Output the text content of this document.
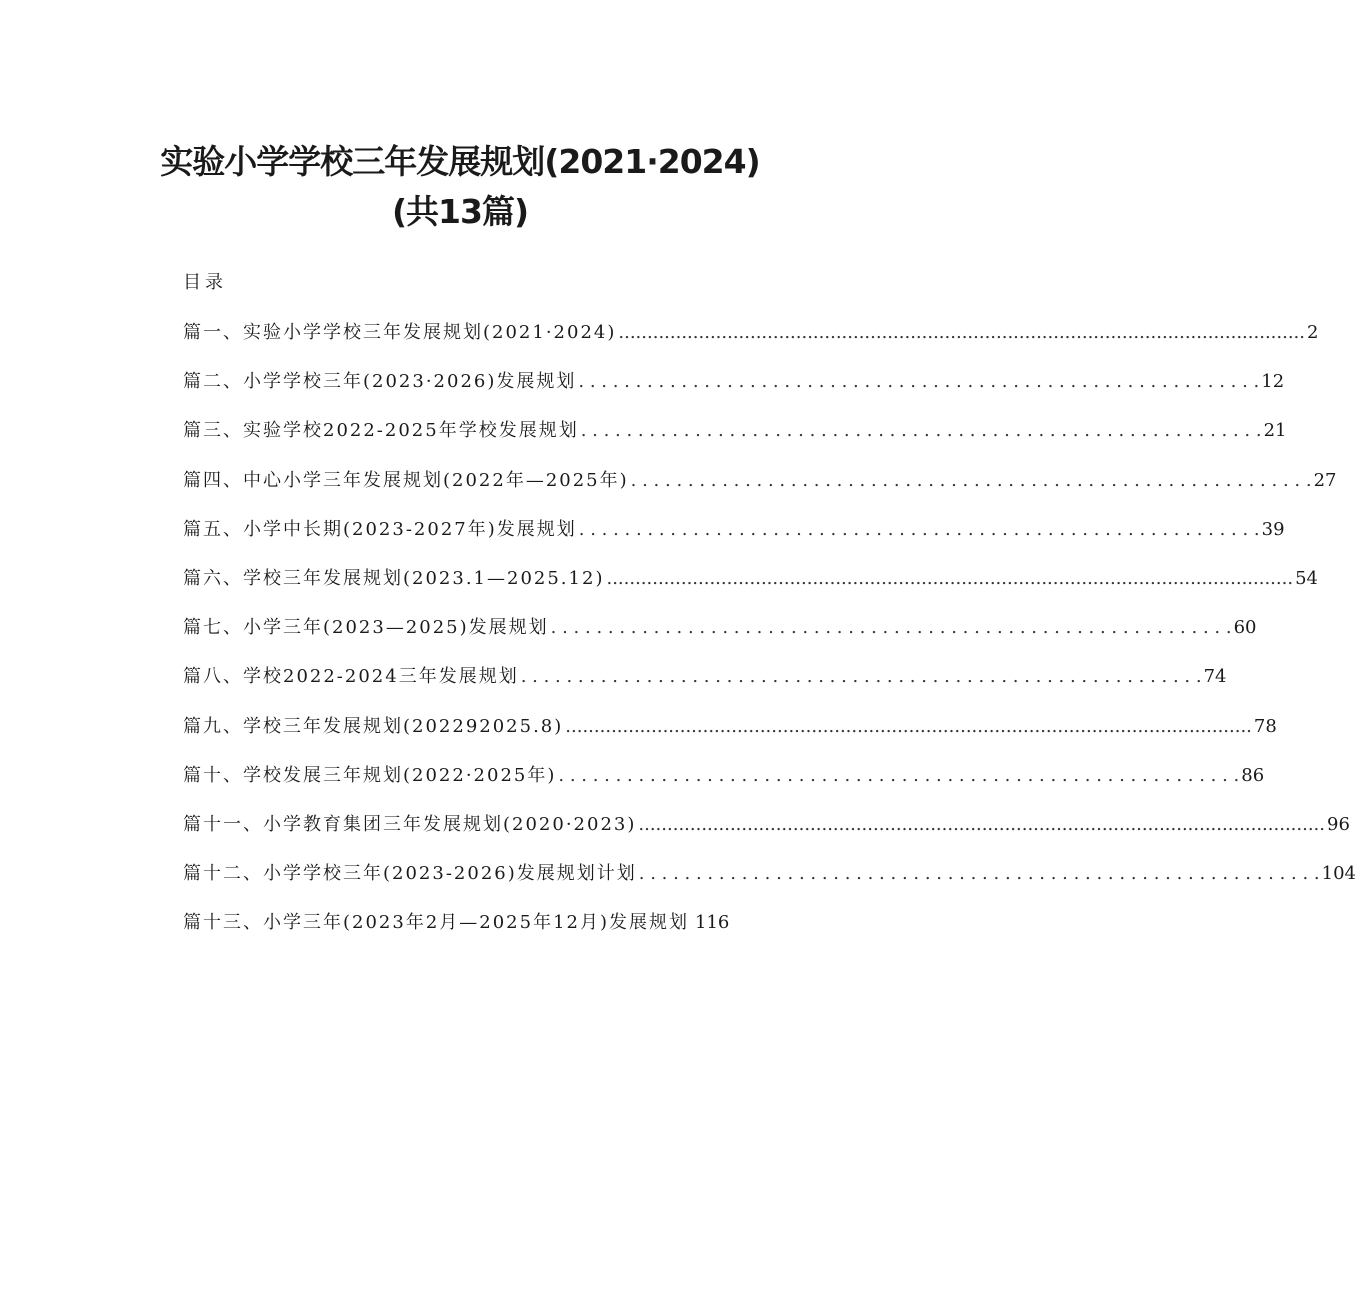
实验小学学校三年发展规划(2021·2024)
(共13篇)
目录
篇一、实验小学学校三年发展规划(2021·2024) ........................................................................................................................ 2
篇二、小学学校三年(2023·2026)发展规划 . . . . . . . . . . . . . . . . . . . . . . . . . . . . . . . . . . . . . . . . . . . . . . . . . . . . . . . . . . . . 12
篇三、实验学校2022-2025年学校发展规划 . . . . . . . . . . . . . . . . . . . . . . . . . . . . . . . . . . . . . . . . . . . . . . . . . . . . . . . . . . . . 21
篇四、中心小学三年发展规划(2022年—2025年) . . . . . . . . . . . . . . . . . . . . . . . . . . . . . . . . . . . . . . . . . . . . . . . . . . . . . . . . . . . . 27
篇五、小学中长期(2023-2027年)发展规划 . . . . . . . . . . . . . . . . . . . . . . . . . . . . . . . . . . . . . . . . . . . . . . . . . . . . . . . . . . . . 39
篇六、学校三年发展规划(2023.1—2025.12) ........................................................................................................................ 54
篇七、小学三年(2023—2025)发展规划 . . . . . . . . . . . . . . . . . . . . . . . . . . . . . . . . . . . . . . . . . . . . . . . . . . . . . . . . . . . . 60
篇八、学校2022-2024三年发展规划 . . . . . . . . . . . . . . . . . . . . . . . . . . . . . . . . . . . . . . . . . . . . . . . . . . . . . . . . . . . . 74
篇九、学校三年发展规划(202292025.8) ........................................................................................................................ 78
篇十、学校发展三年规划(2022·2025年) . . . . . . . . . . . . . . . . . . . . . . . . . . . . . . . . . . . . . . . . . . . . . . . . . . . . . . . . . . . . 86
篇十一、小学教育集团三年发展规划(2020·2023) ........................................................................................................................ 96
篇十二、小学学校三年(2023-2026)发展规划计划 . . . . . . . . . . . . . . . . . . . . . . . . . . . . . . . . . . . . . . . . . . . . . . . . . . . . . . . . . . . . 104
篇十三、小学三年(2023年2月—2025年12月)发展规划 116
